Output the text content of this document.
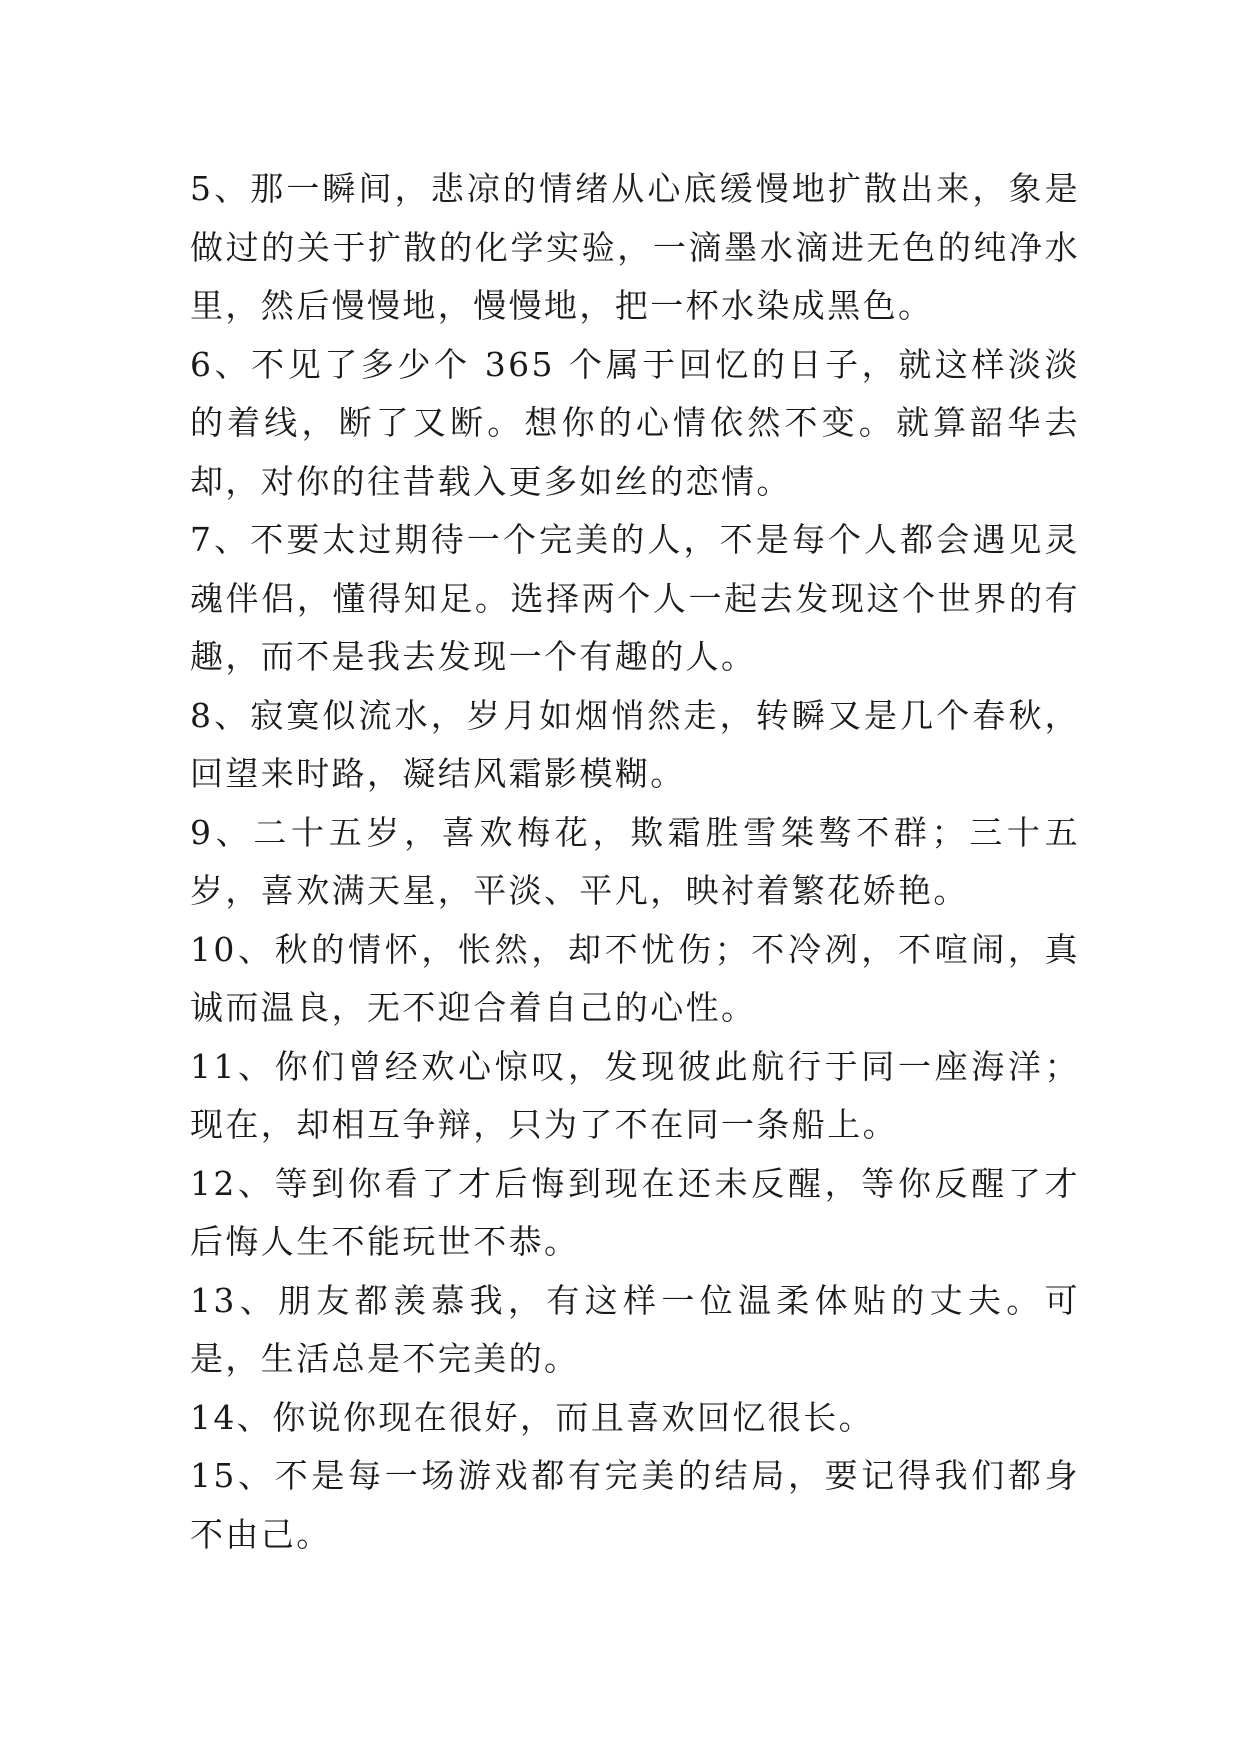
5、那一瞬间，悲凉的情绪从心底缓慢地扩散出来，象是做过的关于扩散的化学实验，一滴墨水滴进无色的纯净水里，然后慢慢地，慢慢地，把一杯水染成黑色。

6、不见了多少个 365 个属于回忆的日子，就这样淡淡的着线，断了又断。想你的心情依然不变。就算韶华去却，对你的往昔载入更多如丝的恋情。

7、不要太过期待一个完美的人，不是每个人都会遇见灵魂伴侣，懂得知足。选择两个人一起去发现这个世界的有趣，而不是我去发现一个有趣的人。

8、寂寞似流水，岁月如烟悄然走，转瞬又是几个春秋，回望来时路，凝结风霜影模糊。

9、二十五岁，喜欢梅花，欺霜胜雪桀骜不群；三十五岁，喜欢满天星，平淡、平凡，映衬着繁花娇艳。

10、秋的情怀，怅然，却不忧伤；不冷冽，不喧闹，真诚而温良，无不迎合着自己的心性。

11、你们曾经欢心惊叹，发现彼此航行于同一座海洋；现在，却相互争辩，只为了不在同一条船上。

12、等到你看了才后悔到现在还未反醒，等你反醒了才后悔人生不能玩世不恭。

13、朋友都羡慕我，有这样一位温柔体贴的丈夫。可是，生活总是不完美的。

14、你说你现在很好，而且喜欢回忆很长。

15、不是每一场游戏都有完美的结局，要记得我们都身不由己。
